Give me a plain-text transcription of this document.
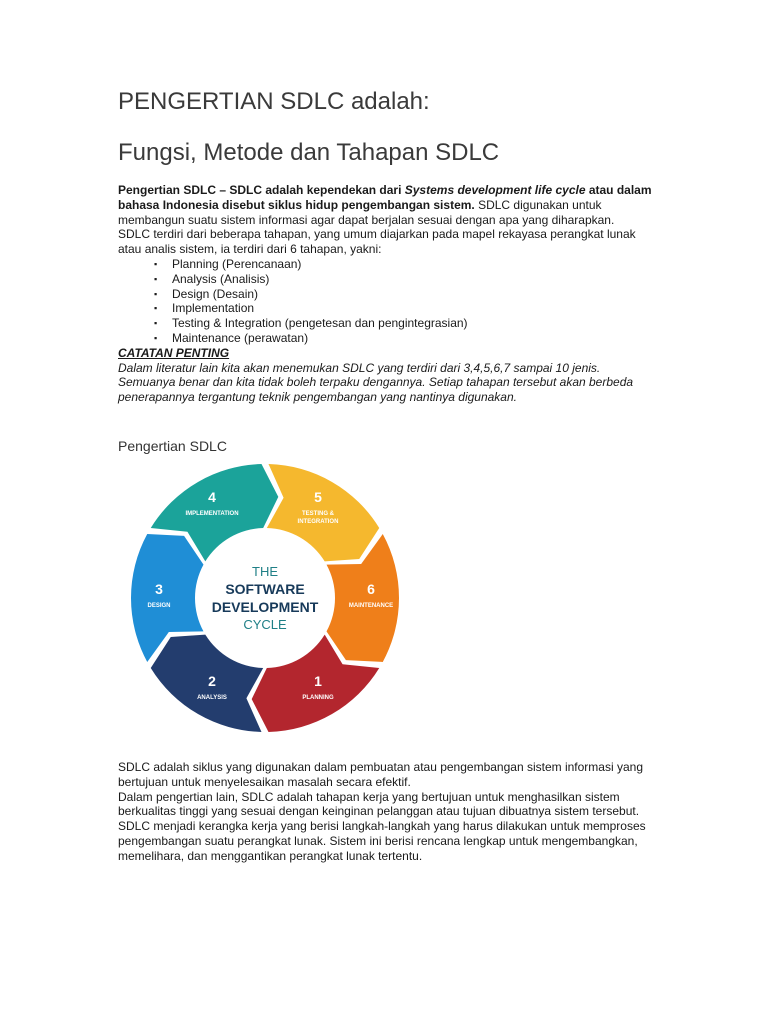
PENGERTIAN SDLC adalah:
Fungsi, Metode dan Tahapan SDLC

Pengertian SDLC – SDLC adalah kependekan dari Systems development life cycle atau dalam bahasa Indonesia disebut siklus hidup pengembangan sistem. SDLC digunakan untuk membangun suatu sistem informasi agar dapat berjalan sesuai dengan apa yang diharapkan.

SDLC terdiri dari beberapa tahapan, yang umum diajarkan pada mapel rekayasa perangkat lunak atau analis sistem, ia terdiri dari 6 tahapan, yakni:

▪ Planning (Perencanaan)
▪ Analysis (Analisis)
▪ Design (Desain)
▪ Implementation
▪ Testing & Integration (pengetesan dan pengintegrasian)
▪ Maintenance (perawatan)

CATATAN PENTING

Dalam literatur lain kita akan menemukan SDLC yang terdiri dari 3,4,5,6,7 sampai 10 jenis. Semuanya benar dan kita tidak boleh terpaku dengannya. Setiap tahapan tersebut akan berbeda penerapannya tergantung teknik pengembangan yang nantinya digunakan.

Pengertian SDLC

SDLC adalah siklus yang digunakan dalam pembuatan atau pengembangan sistem informasi yang bertujuan untuk menyelesaikan masalah secara efektif.

Dalam pengertian lain, SDLC adalah tahapan kerja yang bertujuan untuk menghasilkan sistem berkualitas tinggi yang sesuai dengan keinginan pelanggan atau tujuan dibuatnya sistem tersebut.

SDLC menjadi kerangka kerja yang berisi langkah-langkah yang harus dilakukan untuk memproses pengembangan suatu perangkat lunak. Sistem ini berisi rencana lengkap untuk mengembangkan, memelihara, dan menggantikan perangkat lunak tertentu.

1
PLANNING
2
ANALYSIS
3
DESIGN
4
IMPLEMENTATION
5
TESTING &
INTEGRATION
6
MAINTENANCE
THE
SOFTWARE
DEVELOPMENT
CYCLE
